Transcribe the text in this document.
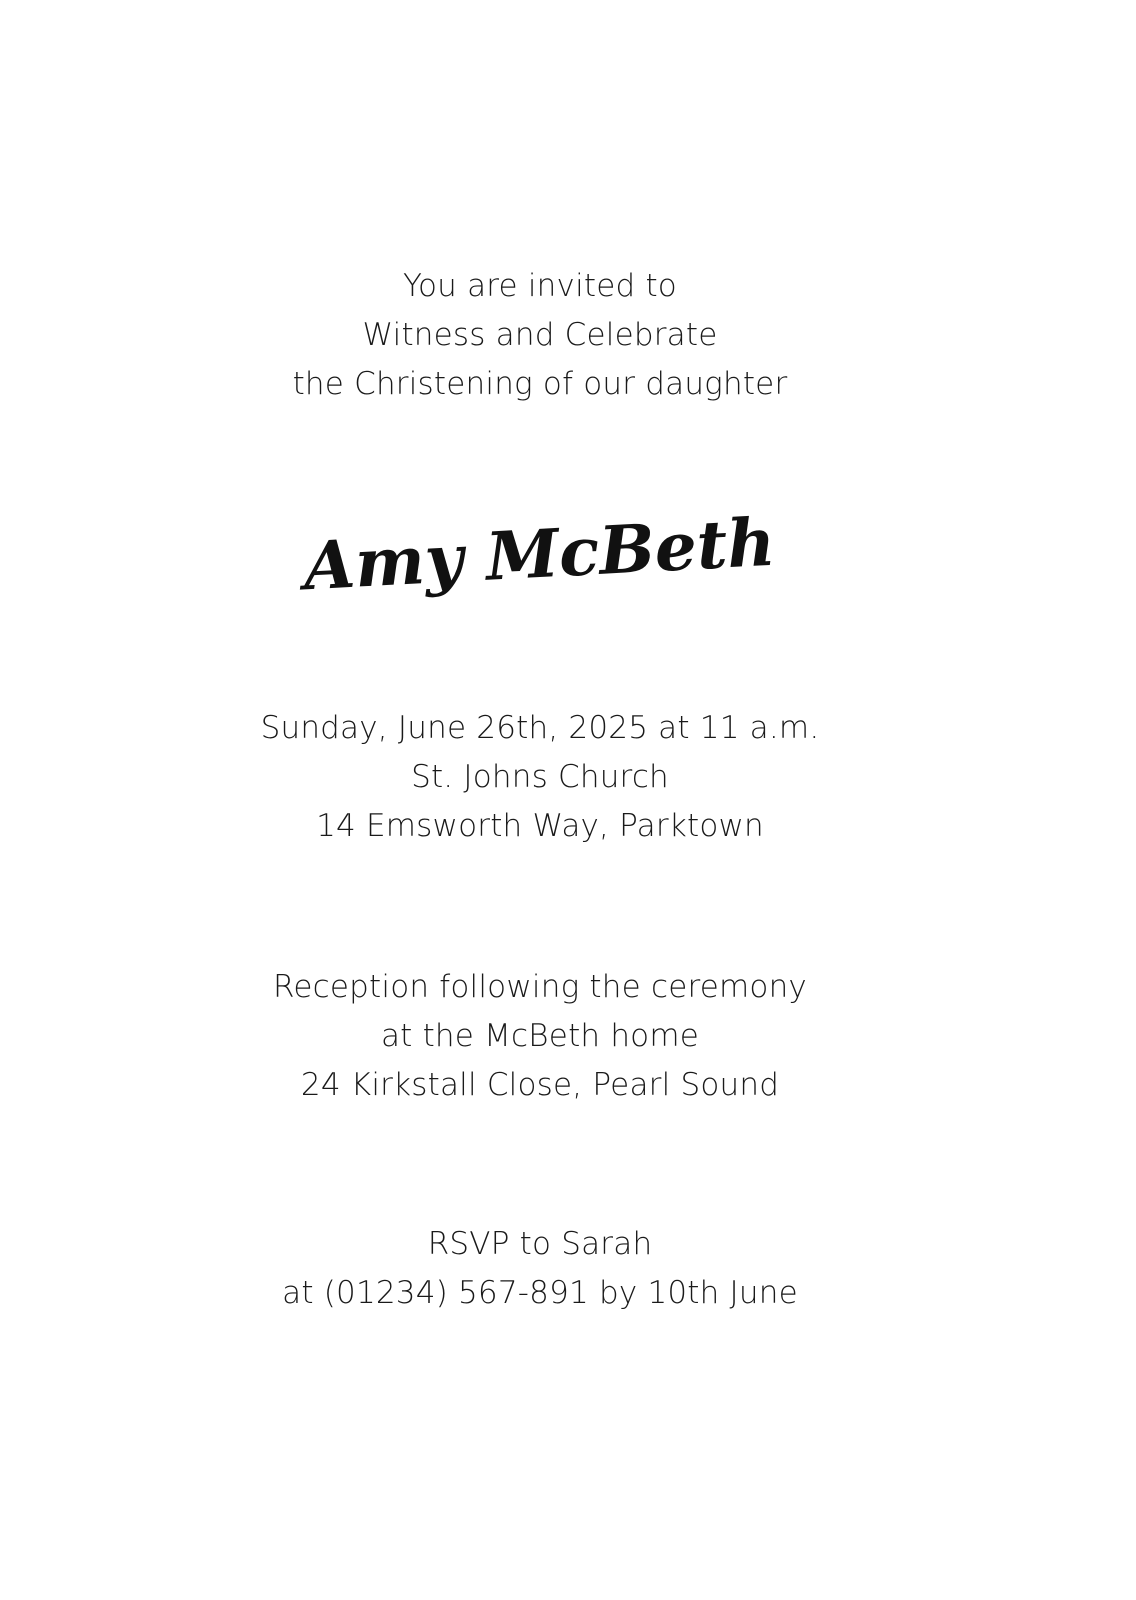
You are invited to
Witness and Celebrate
the Christening of our daughter
Amy McBeth
Sunday, June 26th, 2025 at 11 a.m.
St. Johns Church
14 Emsworth Way, Parktown
Reception following the ceremony
at the McBeth home
24 Kirkstall Close, Pearl Sound
RSVP to Sarah
at (01234) 567-891 by 10th June
